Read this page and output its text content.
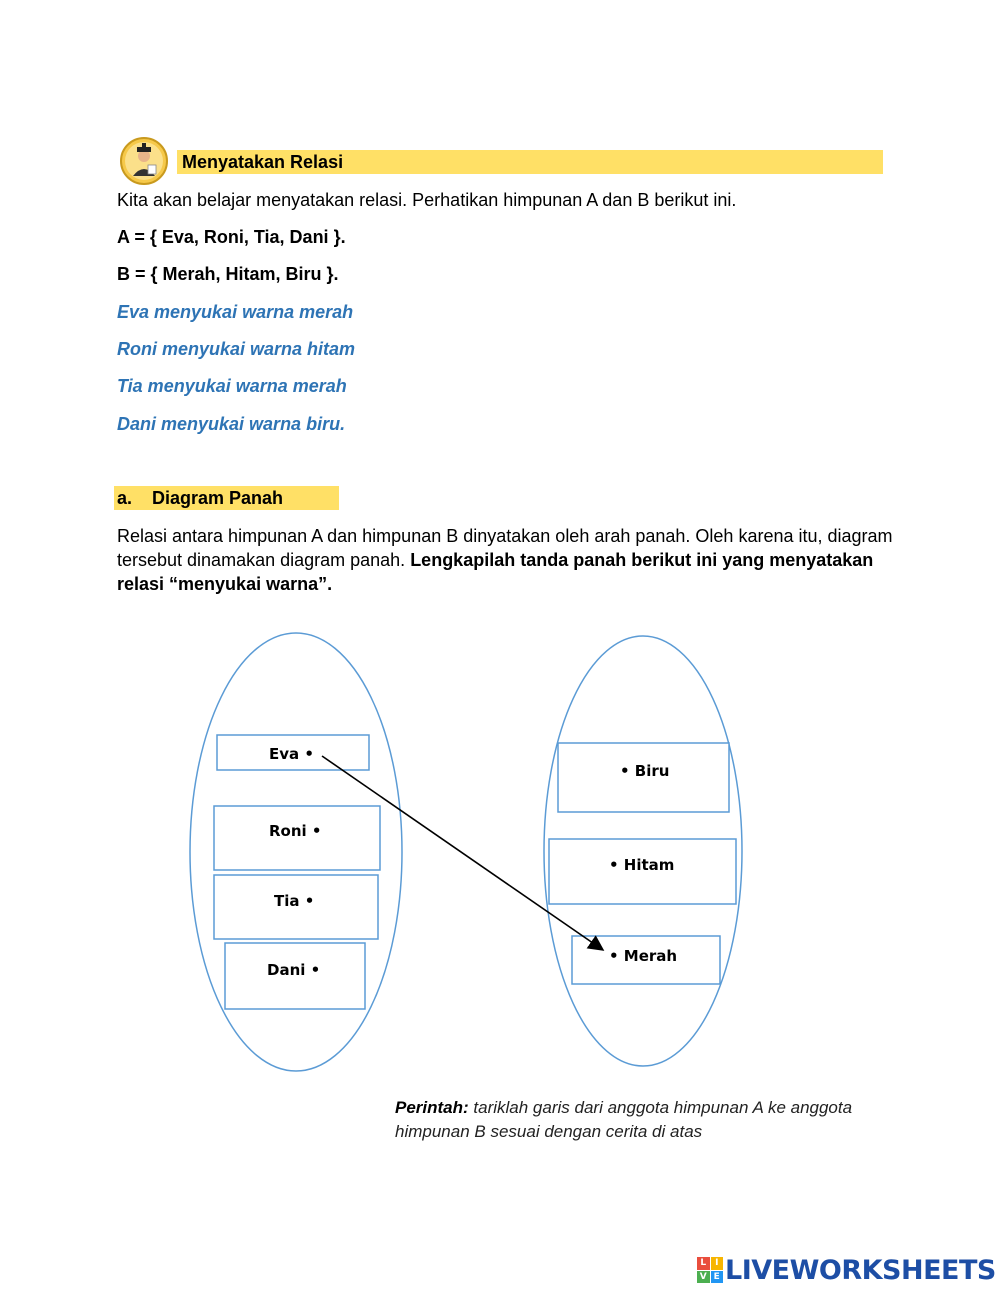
Menyatakan Relasi
Kita akan belajar menyatakan relasi. Perhatikan himpunan A dan B berikut ini.
A = { Eva, Roni, Tia, Dani }.
B = { Merah, Hitam, Biru }.
Eva menyukai warna merah
Roni menyukai warna hitam
Tia menyukai warna merah
Dani menyukai warna biru.
a. Diagram Panah
Relasi antara himpunan A dan himpunan B dinyatakan oleh arah panah. Oleh karena itu, diagram tersebut dinamakan diagram panah. Lengkapilah tanda panah berikut ini yang menyatakan relasi “menyukai warna”.
Eva •
Roni •
Tia •
Dani •
• Biru
• Hitam
• Merah
Perintah: tariklah garis dari anggota himpunan A ke anggota himpunan B sesuai dengan cerita di atas
L I
V E LIVEWORKSHEETS
